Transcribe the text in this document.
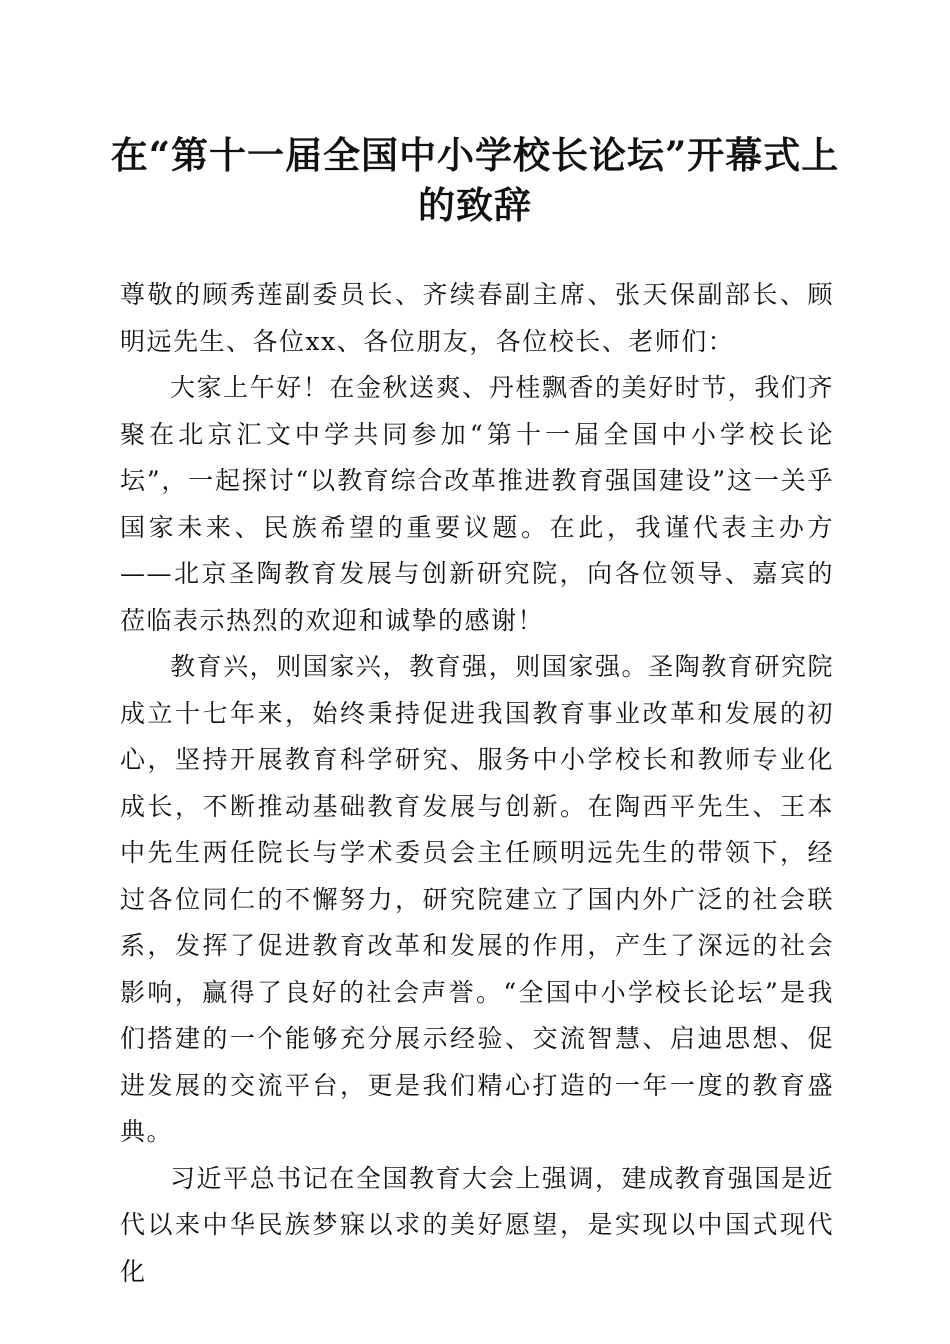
在“第十一届全国中小学校长论坛”开幕式上
的致辞

尊敬的顾秀莲副委员长、齐续春副主席、张天保副部长、顾明远先生、各位xx、各位朋友，各位校长、老师们：

大家上午好！在金秋送爽、丹桂飘香的美好时节，我们齐聚在北京汇文中学共同参加“第十一届全国中小学校长论坛”，一起探讨“以教育综合改革推进教育强国建设”这一关乎国家未来、民族希望的重要议题。在此，我谨代表主办方——北京圣陶教育发展与创新研究院，向各位领导、嘉宾的莅临表示热烈的欢迎和诚挚的感谢！

教育兴，则国家兴，教育强，则国家强。圣陶教育研究院成立十七年来，始终秉持促进我国教育事业改革和发展的初心，坚持开展教育科学研究、服务中小学校长和教师专业化成长，不断推动基础教育发展与创新。在陶西平先生、王本中先生两任院长与学术委员会主任顾明远先生的带领下，经过各位同仁的不懈努力，研究院建立了国内外广泛的社会联系，发挥了促进教育改革和发展的作用，产生了深远的社会影响，赢得了良好的社会声誉。“全国中小学校长论坛”是我们搭建的一个能够充分展示经验、交流智慧、启迪思想、促进发展的交流平台，更是我们精心打造的一年一度的教育盛典。

习近平总书记在全国教育大会上强调，建成教育强国是近代以来中华民族梦寐以求的美好愿望，是实现以中国式现代化
